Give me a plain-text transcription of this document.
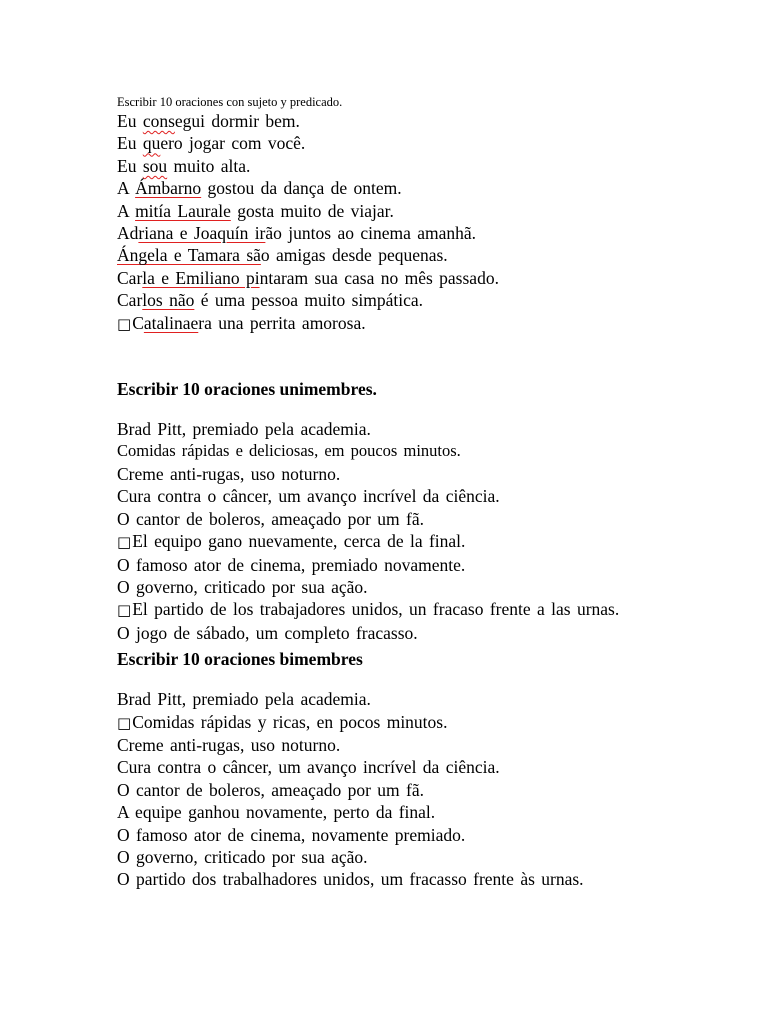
Escribir 10 oraciones con sujeto y predicado.

Eu consegui dormir bem.

Eu quero jogar com você.

Eu sou muito alta.

A Ámbarno gostou da dança de ontem.

A mitía Laurale gosta muito de viajar.

Adriana e Joaquín irão juntos ao cinema amanhã.

Ángela e Tamara são amigas desde pequenas.

Carla e Emiliano pintaram sua casa no mês passado.

Carlos não é uma pessoa muito simpática.

□Catalinaera una perrita amorosa.

Escribir 10 oraciones unimembres.

Brad Pitt, premiado pela academia.

Comidas rápidas e deliciosas, em poucos minutos.

Creme anti-rugas, uso noturno.

Cura contra o câncer, um avanço incrível da ciência.

O cantor de boleros, ameaçado por um fã.

□El equipo gano nuevamente, cerca de la final.

O famoso ator de cinema, premiado novamente.

O governo, criticado por sua ação.

□El partido de los trabajadores unidos, un fracaso frente a las urnas.

O jogo de sábado, um completo fracasso.

Escribir 10 oraciones bimembres

Brad Pitt, premiado pela academia.

□Comidas rápidas y ricas, en pocos minutos.

Creme anti-rugas, uso noturno.

Cura contra o câncer, um avanço incrível da ciência.

O cantor de boleros, ameaçado por um fã.

A equipe ganhou novamente, perto da final.

O famoso ator de cinema, novamente premiado.

O governo, criticado por sua ação.

O partido dos trabalhadores unidos, um fracasso frente às urnas.
